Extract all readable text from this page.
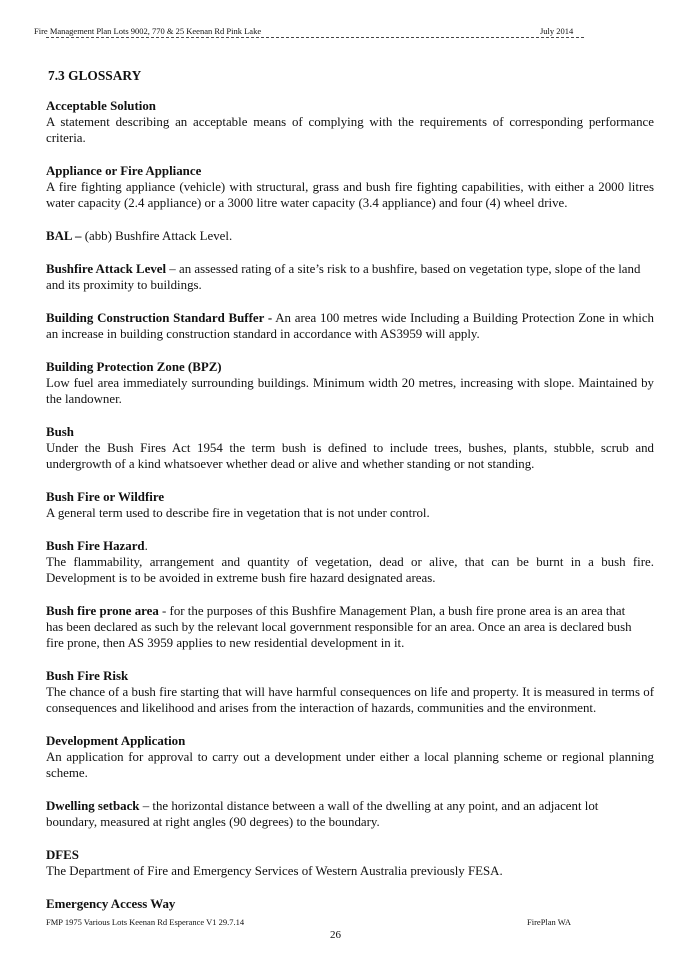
Fire Management Plan Lots 9002, 770 & 25 Keenan Rd Pink Lake	July 2014
7.3 GLOSSARY
Acceptable Solution
A statement describing an acceptable means of complying with the requirements of corresponding performance criteria.
Appliance or Fire Appliance
A fire fighting appliance (vehicle) with structural, grass and bush fire fighting capabilities, with either a 2000 litres water capacity (2.4 appliance) or a 3000 litre water capacity (3.4 appliance) and four (4) wheel drive.
BAL – (abb) Bushfire Attack Level.
Bushfire Attack Level – an assessed rating of a site’s risk to a bushfire, based on vegetation type, slope of the land and its proximity to buildings.
Building Construction Standard Buffer - An area 100 metres wide Including a Building Protection Zone in which an increase in building construction standard in accordance with AS3959 will apply.
Building Protection Zone (BPZ)
Low fuel area immediately surrounding buildings. Minimum width 20 metres, increasing with slope. Maintained by the landowner.
Bush
Under the Bush Fires Act 1954 the term bush is defined to include trees, bushes, plants, stubble, scrub and undergrowth of a kind whatsoever whether dead or alive and whether standing or not standing.
Bush Fire or Wildfire
A general term used to describe fire in vegetation that is not under control.
Bush Fire Hazard.
The flammability, arrangement and quantity of vegetation, dead or alive, that can be burnt in a bush fire. Development is to be avoided in extreme bush fire hazard designated areas.
Bush fire prone area - for the purposes of this Bushfire Management Plan, a bush fire prone area is an area that has been declared as such by the relevant local government responsible for an area. Once an area is declared bush fire prone, then AS 3959 applies to new residential development in it.
Bush Fire Risk
The chance of a bush fire starting that will have harmful consequences on life and property. It is measured in terms of consequences and likelihood and arises from the interaction of hazards, communities and the environment.
Development Application
An application for approval to carry out a development under either a local planning scheme or regional planning scheme.
Dwelling setback – the horizontal distance between a wall of the dwelling at any point, and an adjacent lot boundary, measured at right angles (90 degrees) to the boundary.
DFES
The Department of Fire and Emergency Services of Western Australia previously FESA.
Emergency Access Way
FMP 1975 Various Lots Keenan Rd Esperance V1 29.7.14	FirePlan WA
26
